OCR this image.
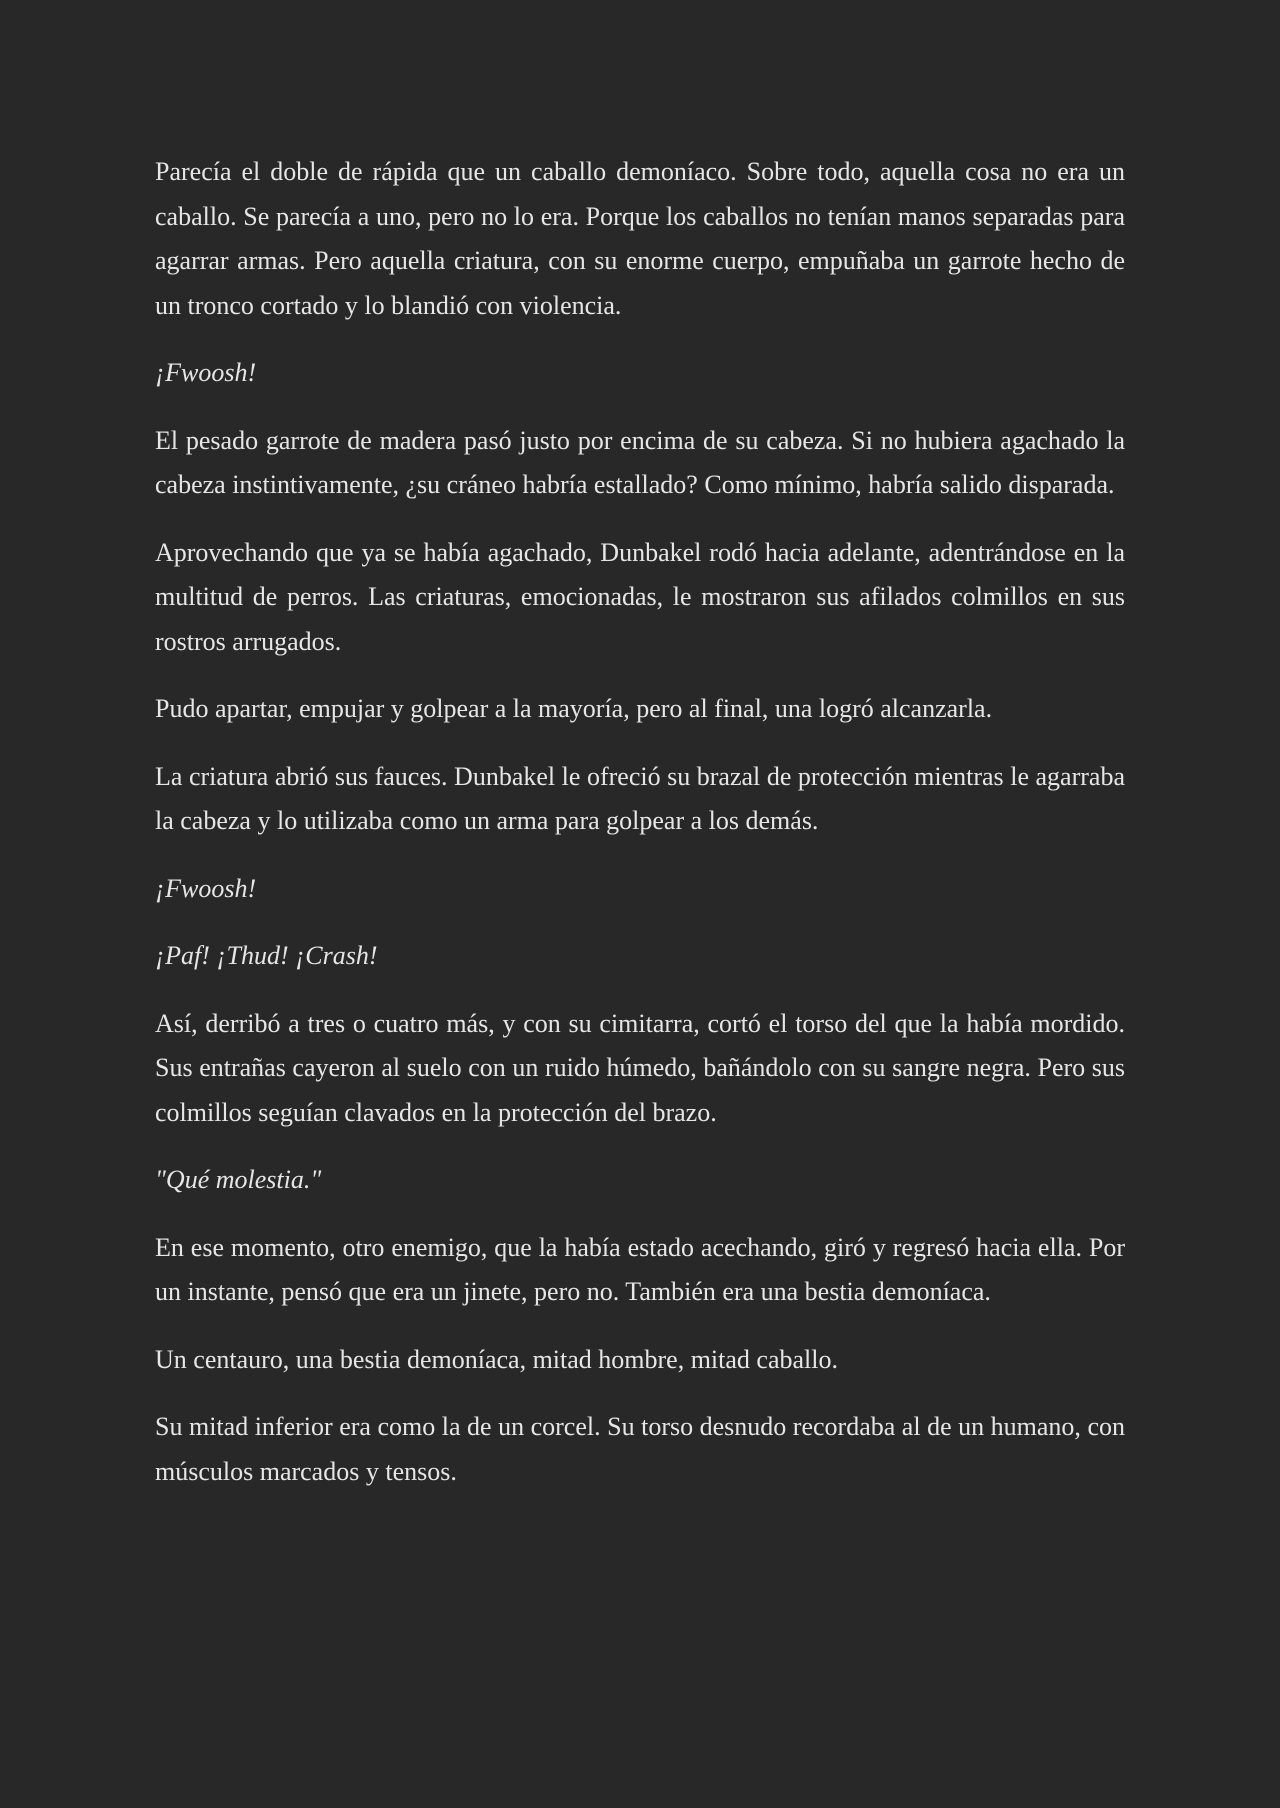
Parecía el doble de rápida que un caballo demoníaco. Sobre todo, aquella cosa no era un caballo. Se parecía a uno, pero no lo era. Porque los caballos no tenían manos separadas para agarrar armas. Pero aquella criatura, con su enorme cuerpo, empuñaba un garrote hecho de un tronco cortado y lo blandió con violencia.

¡Fwoosh!

El pesado garrote de madera pasó justo por encima de su cabeza. Si no hubiera agachado la cabeza instintivamente, ¿su cráneo habría estallado? Como mínimo, habría salido disparada.

Aprovechando que ya se había agachado, Dunbakel rodó hacia adelante, adentrándose en la multitud de perros. Las criaturas, emocionadas, le mostraron sus afilados colmillos en sus rostros arrugados.

Pudo apartar, empujar y golpear a la mayoría, pero al final, una logró alcanzarla.

La criatura abrió sus fauces. Dunbakel le ofreció su brazal de protección mientras le agarraba la cabeza y lo utilizaba como un arma para golpear a los demás.

¡Fwoosh!

¡Paf! ¡Thud! ¡Crash!

Así, derribó a tres o cuatro más, y con su cimitarra, cortó el torso del que la había mordido. Sus entrañas cayeron al suelo con un ruido húmedo, bañándolo con su sangre negra. Pero sus colmillos seguían clavados en la protección del brazo.

"Qué molestia."

En ese momento, otro enemigo, que la había estado acechando, giró y regresó hacia ella. Por un instante, pensó que era un jinete, pero no. También era una bestia demoníaca.

Un centauro, una bestia demoníaca, mitad hombre, mitad caballo.

Su mitad inferior era como la de un corcel. Su torso desnudo recordaba al de un humano, con músculos marcados y tensos.
